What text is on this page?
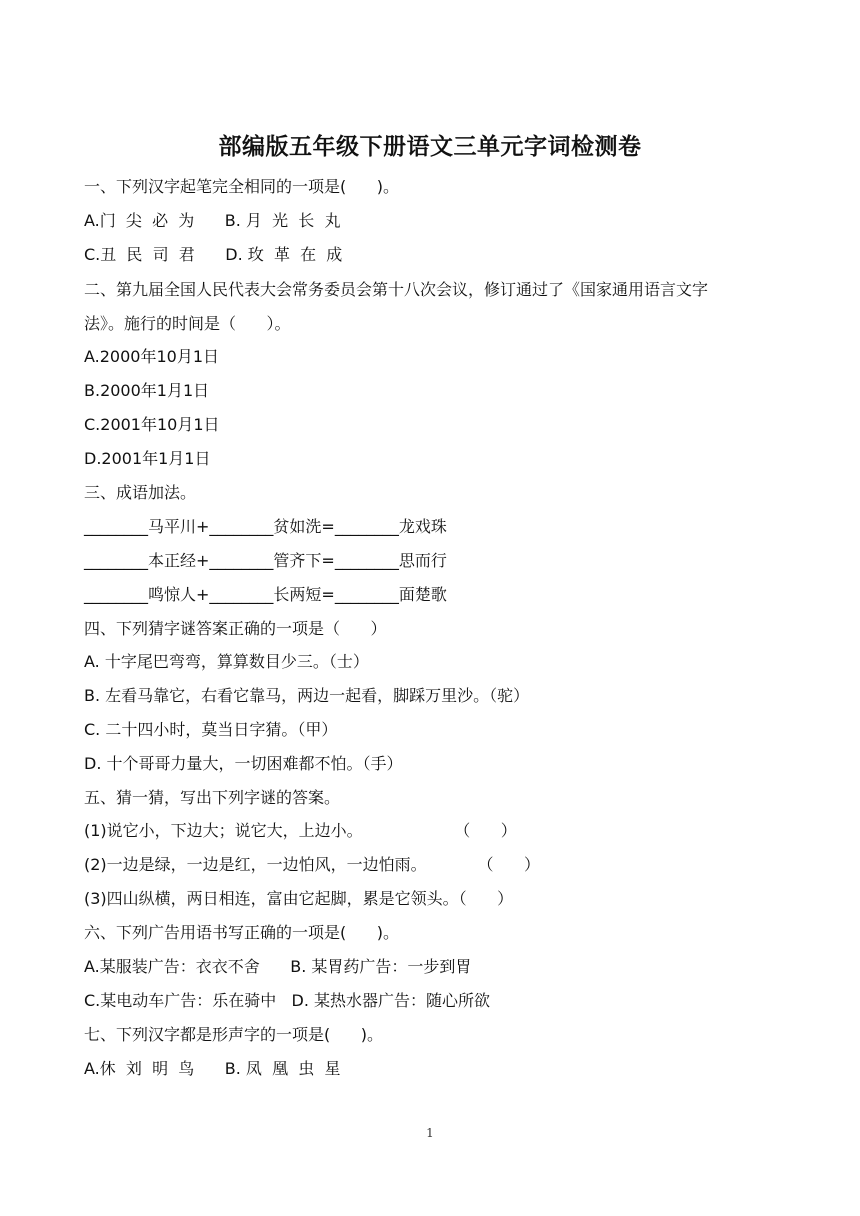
部编版五年级下册语文三单元字词检测卷
一、下列汉字起笔完全相同的一项是(      )。
A.门  尖  必  为      B. 月  光  长  丸
C.丑  民  司  君      D. 玫  革  在  成
二、第九届全国人民代表大会常务委员会第十八次会议，修订通过了《国家通用语言文字
法》。施行的时间是（      ）。
A.2000年10月1日
B.2000年1月1日
C.2001年10月1日
D.2001年1月1日
三、成语加法。
________马平川+________贫如洗=________龙戏珠
________本正经+________管齐下=________思而行
________鸣惊人+________长两短=________面楚歌
四、下列猜字谜答案正确的一项是（      ）
A. 十字尾巴弯弯，算算数目少三。（士）
B. 左看马靠它，右看它靠马，两边一起看，脚踩万里沙。（驼）
C. 二十四小时，莫当日字猜。（甲）
D. 十个哥哥力量大，一切困难都不怕。（手）
五、猜一猜，写出下列字谜的答案。
(1)说它小，下边大；说它大，上边小。                  （      ）
(2)一边是绿，一边是红，一边怕风，一边怕雨。          （      ）
(3)四山纵横，两日相连，富由它起脚，累是它领头。（      ）
六、下列广告用语书写正确的一项是(      )。
A.某服装广告：衣衣不舍      B. 某胃药广告：一步到胃
C.某电动车广告：乐在骑中   D. 某热水器广告：随心所欲
七、下列汉字都是形声字的一项是(      )。
A.休  刘  明  鸟      B. 凤  凰  虫  星
1
